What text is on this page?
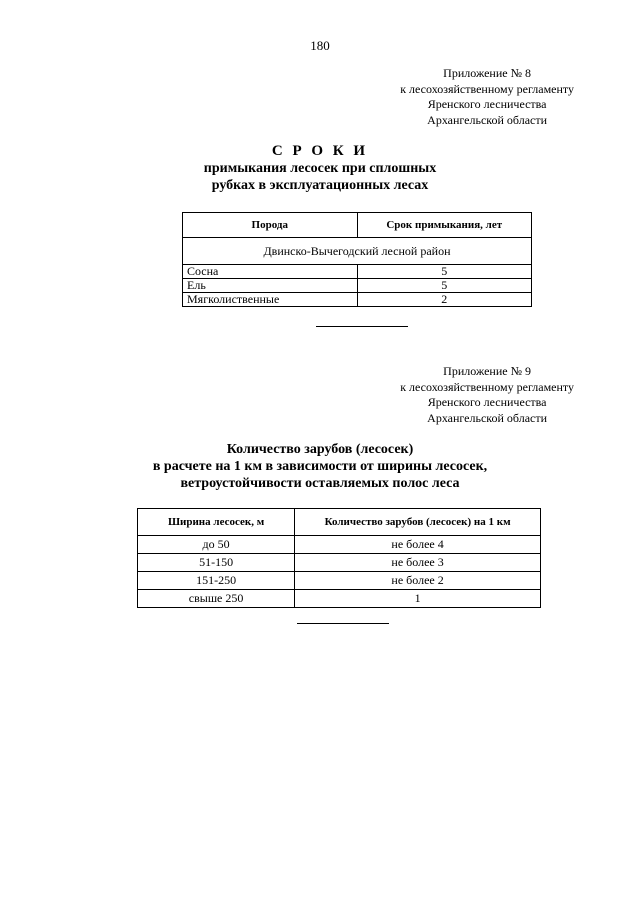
180
Приложение № 8
к лесохозяйственному регламенту
Яренского лесничества
Архангельской области
С Р О К И
примыкания лесосек при сплошных
рубках в эксплуатационных лесах
Порода	Срок примыкания, лет
Двинско-Вычегодский лесной район	
Сосна	5
Ель	5
Мягколиственные	2
Приложение № 9
к лесохозяйственному регламенту
Яренского лесничества
Архангельской области
Количество зарубов (лесосек)
в расчете на 1 км в зависимости от ширины лесосек,
ветроустойчивости оставляемых полос леса
Ширина лесосек, м	Количество зарубов (лесосек) на 1 км
до 50	не более 4
51-150	не более 3
151-250	не более 2
свыше 250	1
